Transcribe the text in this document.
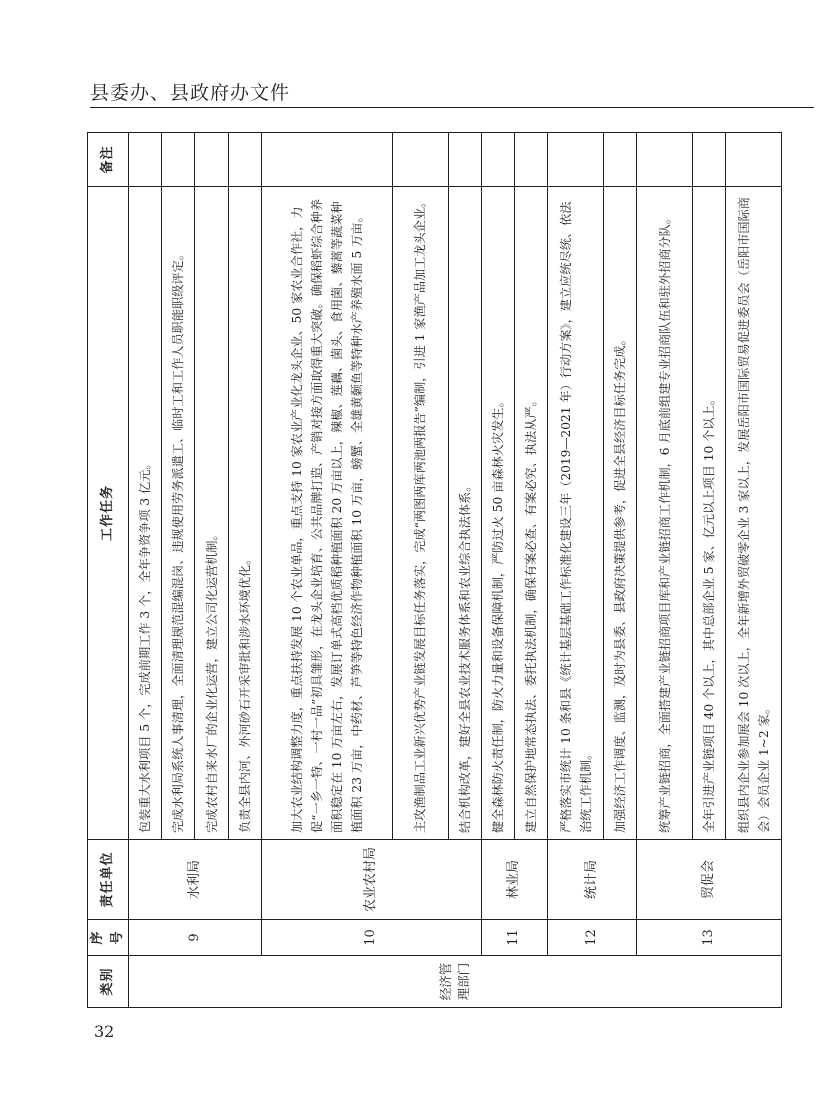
县委办、县政府办文件
类别	序号	责任单位	工作任务	备注
经济管理部门	9	水利局	包装重大水利项目 5 个，完成前期工作 3 个，全年争资争项 3 亿元。	
			完成水利局系统人事清理，全面清理规范混编混岗、违规使用劳务派遣工、临时工和工作人员职能职级评定。	
			完成农村自来水厂的企业化运营，建立公司化运营机制。	
			负责全县内河、外河砂石开采审批和涉水环境优化。	
	10	农业农村局	加大农业结构调整力度，重点扶持发展 10 个农业单品，重点支持 10 家农业产业化龙头企业、50 家农业合作社，力促“一乡一特、一村一品”初具雏形，在龙头企业培育、公共品牌打造、产销对接方面取得重大突破。确保稻虾综合种养面积稳定在 10 万亩左右，发展订单式高档优质稻种植面积 20 万亩以上，辣椒、莲藕、菌头、食用菌、藜蒿等蔬菜种植面积 23 万亩，中药材、芦笋等特色经济作物种植面积 10 万亩，螃蟹、全雄黄颡鱼等特种水产养殖水面 5 万亩。	
			主攻渔制品工业新兴优势产业链发展目标任务落实，完成“两图两库两池两报告”编制，引进 1 家渔产品加工龙头企业。	
			结合机构改革，建好全县农业技术服务体系和农业综合执法体系。	
	11	林业局	健全森林防火责任制，防火力量和设备保障机制，严防过火 50 亩森林火灾发生。	
			建立自然保护地常态执法、委托执法机制，确保有案必查、有案必究、执法从严。	
	12	统计局	严格落实市统计 10 条和县《统计基层基础工作标准化建设三年（2019—2021 年）行动方案》，建立应统尽统、依法治统工作机制。	
			加强经济工作调度、监测，及时为县委、县政府决策提供参考，促进全县经济目标任务完成。	
	13	贸促会	统筹产业链招商，全面搭建产业链招商项目库和产业链招商工作机制，6 月底前组建专业招商队伍和驻外招商分队。	
			全年引进产业链项目 40 个以上，其中总部企业 5 家、亿元以上项目 10 个以上。	
			组织县内企业参加展会 10 次以上，全年新增外贸破零企业 3 家以上，发展岳阳市国际贸易促进委员会（岳阳市国际商会）会员企业 1~2 家。	
32
